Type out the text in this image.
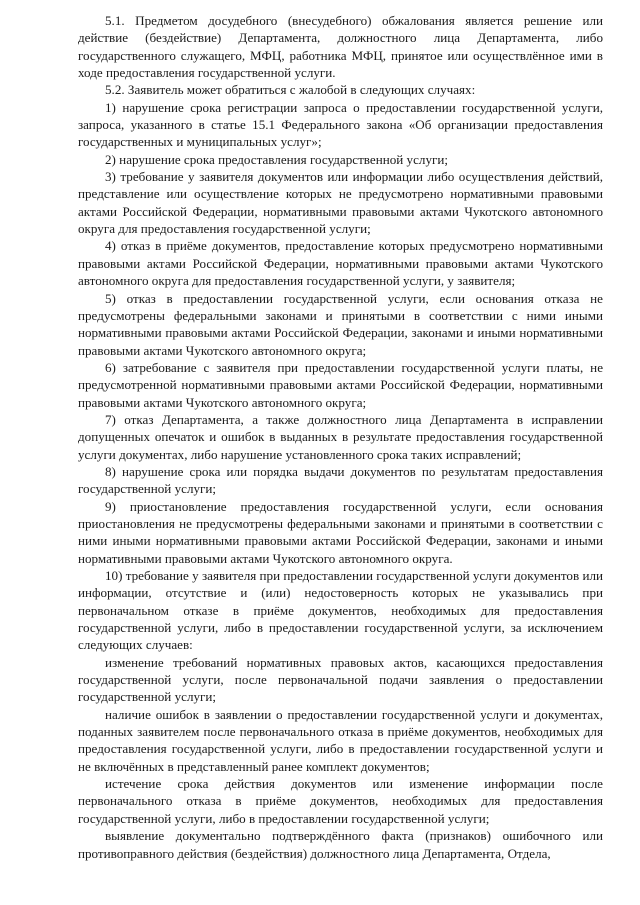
5.1. Предметом досудебного (внесудебного) обжалования является решение или действие (бездействие) Департамента, должностного лица Департамента, либо государственного служащего, МФЦ, работника МФЦ, принятое или осуществлённое ими в ходе предоставления государственной услуги.

5.2. Заявитель может обратиться с жалобой в следующих случаях:

1) нарушение срока регистрации запроса о предоставлении государственной услуги, запроса, указанного в статье 15.1 Федерального закона «Об организации предоставления государственных и муниципальных услуг»;

2) нарушение срока предоставления государственной услуги;

3) требование у заявителя документов или информации либо осуществления действий, представление или осуществление которых не предусмотрено нормативными правовыми актами Российской Федерации, нормативными правовыми актами Чукотского автономного округа для предоставления государственной услуги;

4) отказ в приёме документов, предоставление которых предусмотрено нормативными правовыми актами Российской Федерации, нормативными правовыми актами Чукотского автономного округа для предоставления государственной услуги, у заявителя;

5) отказ в предоставлении государственной услуги, если основания отказа не предусмотрены федеральными законами и принятыми в соответствии с ними иными нормативными правовыми актами Российской Федерации, законами и иными нормативными правовыми актами Чукотского автономного округа;

6) затребование с заявителя при предоставлении государственной услуги платы, не предусмотренной нормативными правовыми актами Российской Федерации, нормативными правовыми актами Чукотского автономного округа;

7) отказ Департамента, а также должностного лица Департамента в исправлении допущенных опечаток и ошибок в выданных в результате предоставления государственной услуги документах, либо нарушение установленного срока таких исправлений;

8) нарушение срока или порядка выдачи документов по результатам предоставления государственной услуги;

9) приостановление предоставления государственной услуги, если основания приостановления не предусмотрены федеральными законами и принятыми в соответствии с ними иными нормативными правовыми актами Российской Федерации, законами и иными нормативными правовыми актами Чукотского автономного округа.

10) требование у заявителя при предоставлении государственной услуги документов или информации, отсутствие и (или) недостоверность которых не указывались при первоначальном отказе в приёме документов, необходимых для предоставления государственной услуги, либо в предоставлении государственной услуги, за исключением следующих случаев:

изменение требований нормативных правовых актов, касающихся предоставления государственной услуги, после первоначальной подачи заявления о предоставлении государственной услуги;

наличие ошибок в заявлении о предоставлении государственной услуги и документах, поданных заявителем после первоначального отказа в приёме документов, необходимых для предоставления государственной услуги, либо в предоставлении государственной услуги и не включённых в представленный ранее комплект документов;

истечение срока действия документов или изменение информации после первоначального отказа в приёме документов, необходимых для предоставления государственной услуги, либо в предоставлении государственной услуги;

выявление документально подтверждённого факта (признаков) ошибочного или противоправного действия (бездействия) должностного лица Департамента, Отдела,
